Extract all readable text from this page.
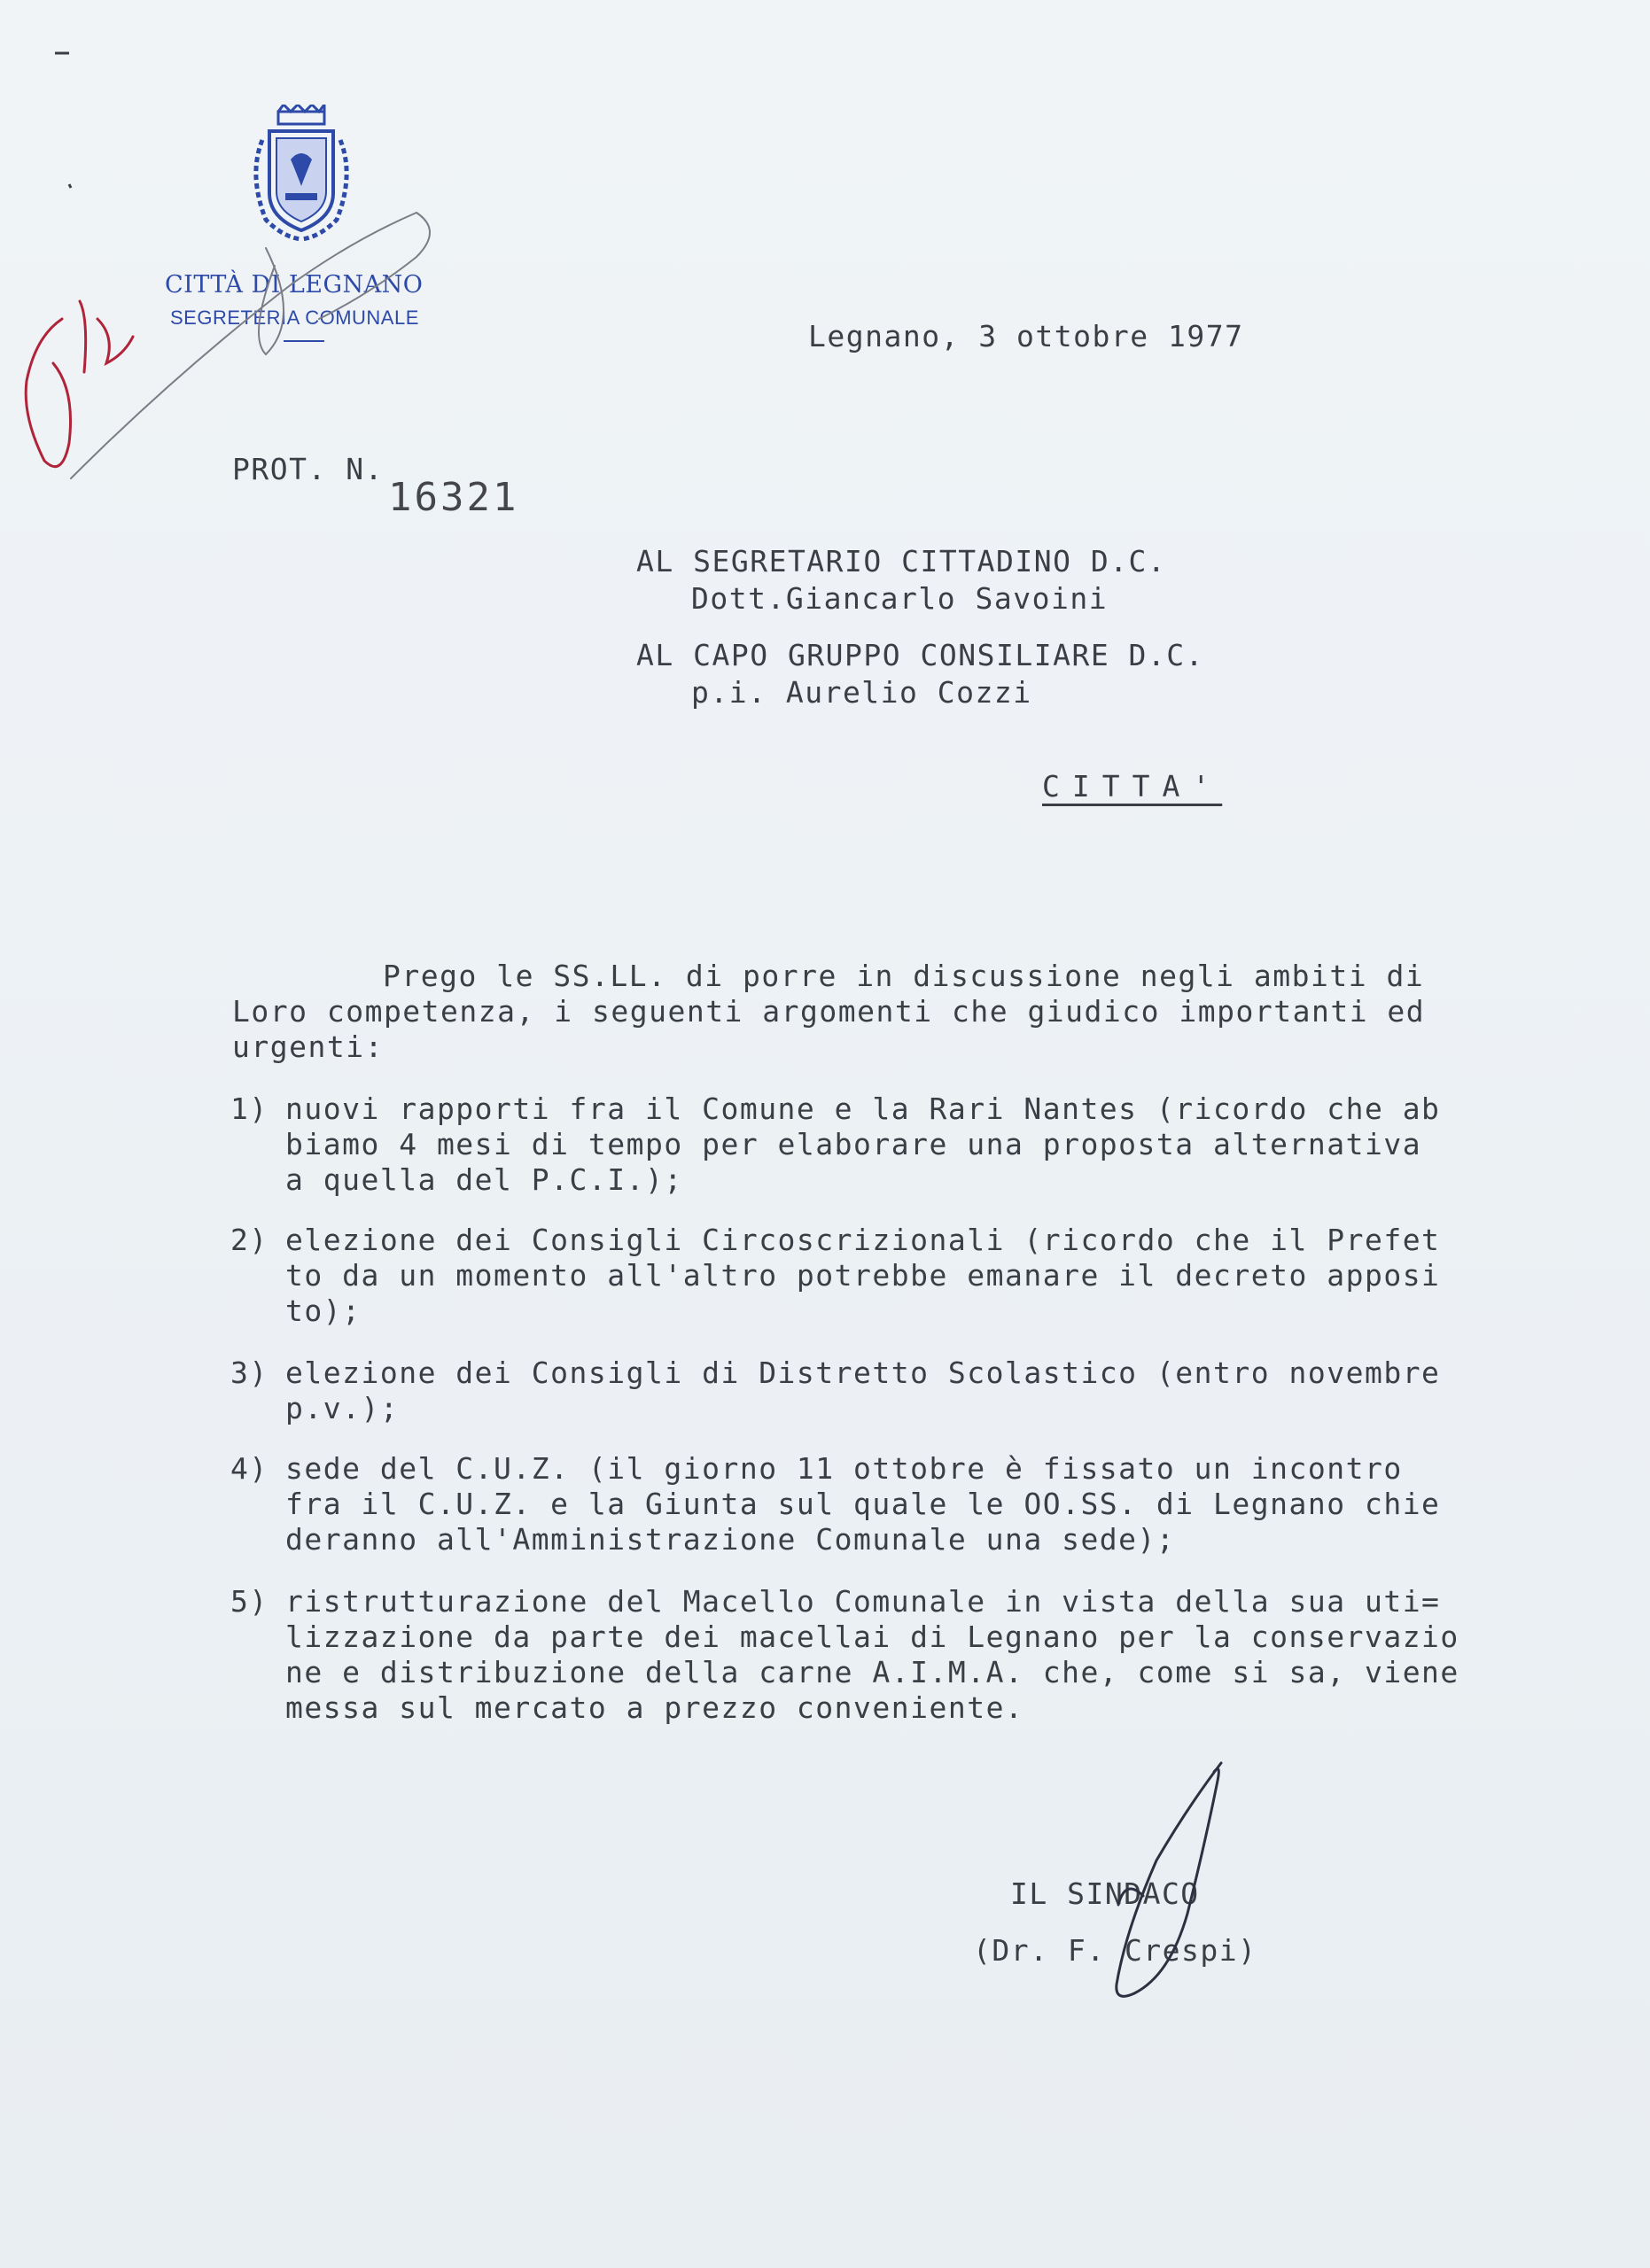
CITTÀ DI LEGNANO
SEGRETERIA COMUNALE
Legnano, 3 ottobre 1977
PROT. N.
16321
AL SEGRETARIO CITTADINO D.C.
Dott.Giancarlo Savoini
AL CAPO GRUPPO CONSILIARE D.C.
p.i. Aurelio Cozzi
CITTA'
Prego le SS.LL. di porre in discussione negli ambiti di
Loro competenza, i seguenti argomenti che giudico importanti ed
urgenti:
1) nuovi rapporti fra il Comune e la Rari Nantes (ricordo che ab
biamo 4 mesi di tempo per elaborare una proposta alternativa
a quella del P.C.I.);
2) elezione dei Consigli Circoscrizionali (ricordo che il Prefet
to da un momento all'altro potrebbe emanare il decreto apposi
to);
3) elezione dei Consigli di Distretto Scolastico (entro novembre
p.v.);
4) sede del C.U.Z. (il giorno 11 ottobre è fissato un incontro
fra il C.U.Z. e la Giunta sul quale le OO.SS. di Legnano chie
deranno all'Amministrazione Comunale una sede);
5) ristrutturazione del Macello Comunale in vista della sua uti=
lizzazione da parte dei macellai di Legnano per la conservazio
ne e distribuzione della carne A.I.M.A. che, come si sa, viene
messa sul mercato a prezzo conveniente.
IL SINDACO
(Dr. F. Crespi)
